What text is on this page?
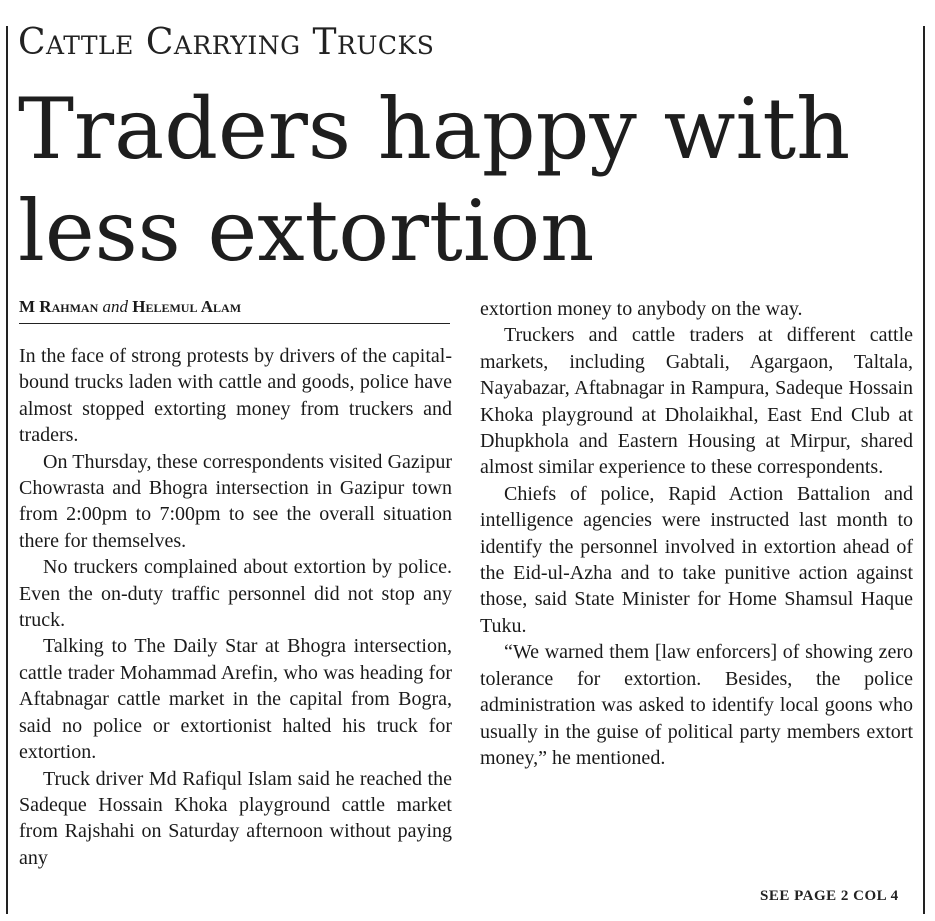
Cattle Carrying Trucks
Traders happy with
less extortion
M Rahman and Helemul Alam

In the face of strong protests by drivers of the capital-bound trucks laden with cattle and goods, police have almost stopped extorting money from truckers and traders.

On Thursday, these correspondents visited Gazipur Chowrasta and Bhogra intersection in Gazipur town from 2:00pm to 7:00pm to see the overall situation there for themselves.

No truckers complained about extortion by police. Even the on-duty traffic personnel did not stop any truck.

Talking to The Daily Star at Bhogra intersection, cattle trader Mohammad Arefin, who was heading for Aftabnagar cattle market in the capital from Bogra, said no police or extortionist halted his truck for extortion.

Truck driver Md Rafiqul Islam said he reached the Sadeque Hossain Khoka playground cattle market from Rajshahi on Saturday afternoon without paying any

extortion money to anybody on the way.

Truckers and cattle traders at different cattle markets, including Gabtali, Agargaon, Taltala, Nayabazar, Aftabnagar in Rampura, Sadeque Hossain Khoka playground at Dholaikhal, East End Club at Dhupkhola and Eastern Housing at Mirpur, shared almost similar experience to these correspondents.

Chiefs of police, Rapid Action Battalion and intelligence agencies were instructed last month to identify the personnel involved in extortion ahead of the Eid-ul-Azha and to take punitive action against those, said State Minister for Home Shamsul Haque Tuku.

“We warned them [law enforcers] of showing zero tolerance for extortion. Besides, the police administration was asked to identify local goons who usually in the guise of political party members extort money,” he mentioned.

SEE PAGE 2 COL 4
